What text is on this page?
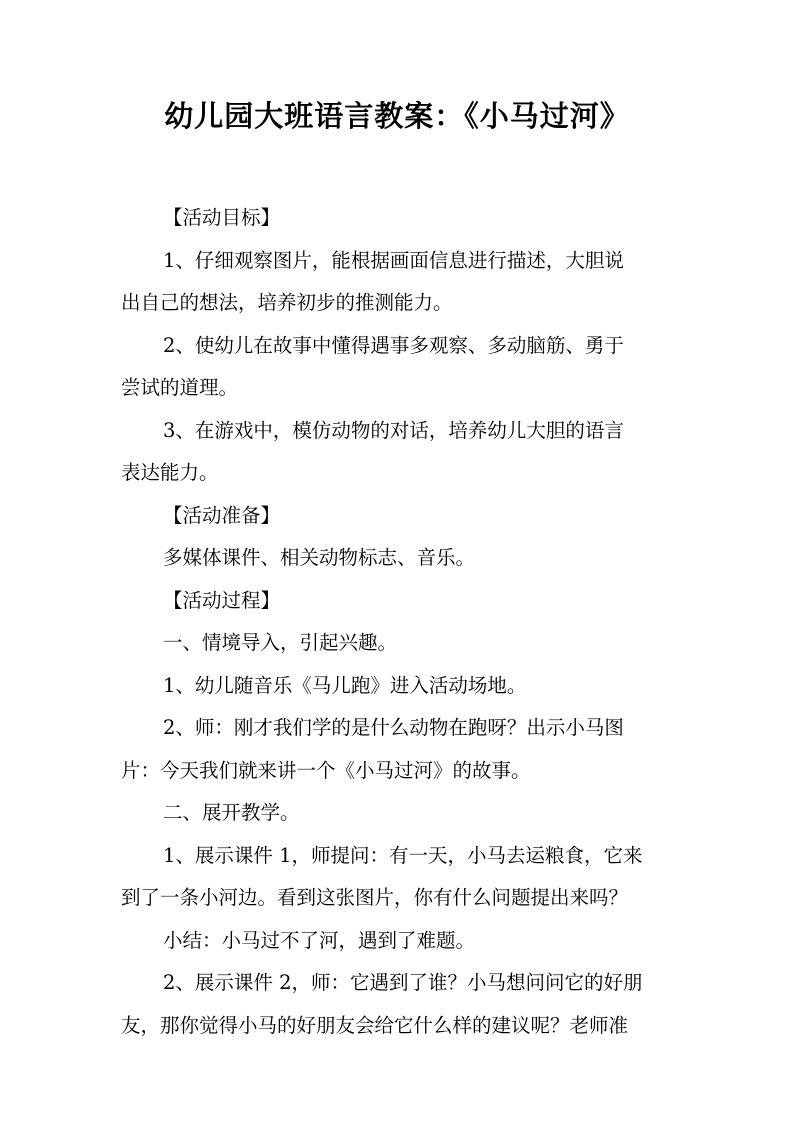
幼儿园大班语言教案：《小马过河》

【活动目标】

1、仔细观察图片，能根据画面信息进行描述，大胆说
出自己的想法，培养初步的推测能力。

2、使幼儿在故事中懂得遇事多观察、多动脑筋、勇于
尝试的道理。

3、在游戏中，模仿动物的对话，培养幼儿大胆的语言
表达能力。

【活动准备】

多媒体课件、相关动物标志、音乐。

【活动过程】

一、情境导入，引起兴趣。

1、幼儿随音乐《马儿跑》进入活动场地。

2、师：刚才我们学的是什么动物在跑呀？出示小马图
片：今天我们就来讲一个《小马过河》的故事。

二、展开教学。

1、展示课件 1，师提问：有一天，小马去运粮食，它来
到了一条小河边。看到这张图片，你有什么问题提出来吗？

小结：小马过不了河，遇到了难题。

2、展示课件 2，师：它遇到了谁？小马想问问它的好朋
友，那你觉得小马的好朋友会给它什么样的建议呢？老师准
